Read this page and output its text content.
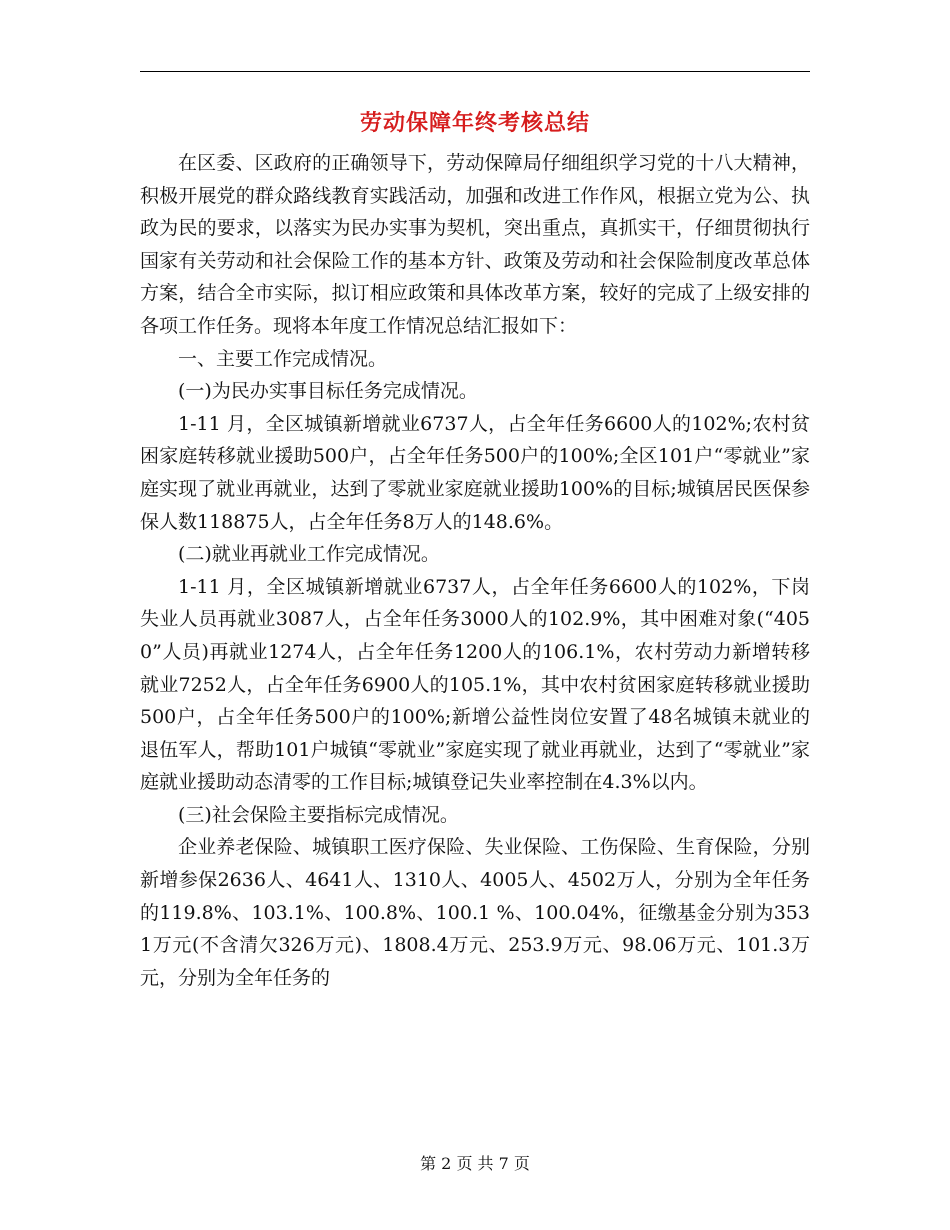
劳动保障年终考核总结

在区委、区政府的正确领导下，劳动保障局仔细组织学习党的十八大精神，积极开展党的群众路线教育实践活动，加强和改进工作作风，根据立党为公、执政为民的要求，以落实为民办实事为契机，突出重点，真抓实干，仔细贯彻执行国家有关劳动和社会保险工作的基本方针、政策及劳动和社会保险制度改革总体方案，结合全市实际，拟订相应政策和具体改革方案，较好的完成了上级安排的各项工作任务。现将本年度工作情况总结汇报如下：

一、主要工作完成情况。

(一)为民办实事目标任务完成情况。

1-11 月，全区城镇新增就业6737人，占全年任务6600人的102%;农村贫困家庭转移就业援助500户，占全年任务500户的100%;全区101户“零就业”家庭实现了就业再就业，达到了零就业家庭就业援助100%的目标;城镇居民医保参保人数118875人，占全年任务8万人的148.6%。

(二)就业再就业工作完成情况。

1-11 月，全区城镇新增就业6737人，占全年任务6600人的102%，下岗失业人员再就业3087人，占全年任务3000人的102.9%，其中困难对象(“4050”人员)再就业1274人，占全年任务1200人的106.1%，农村劳动力新增转移就业7252人，占全年任务6900人的105.1%，其中农村贫困家庭转移就业援助500户，占全年任务500户的100%;新增公益性岗位安置了48名城镇未就业的退伍军人，帮助101户城镇“零就业”家庭实现了就业再就业，达到了“零就业”家庭就业援助动态清零的工作目标;城镇登记失业率控制在4.3%以内。

(三)社会保险主要指标完成情况。

企业养老保险、城镇职工医疗保险、失业保险、工伤保险、生育保险，分别新增参保2636人、4641人、1310人、4005人、4502万人，分别为全年任务的119.8%、103.1%、100.8%、100.1 %、100.04%，征缴基金分别为3531万元(不含清欠326万元)、1808.4万元、253.9万元、98.06万元、101.3万元，分别为全年任务的

第 2 页 共 7 页
